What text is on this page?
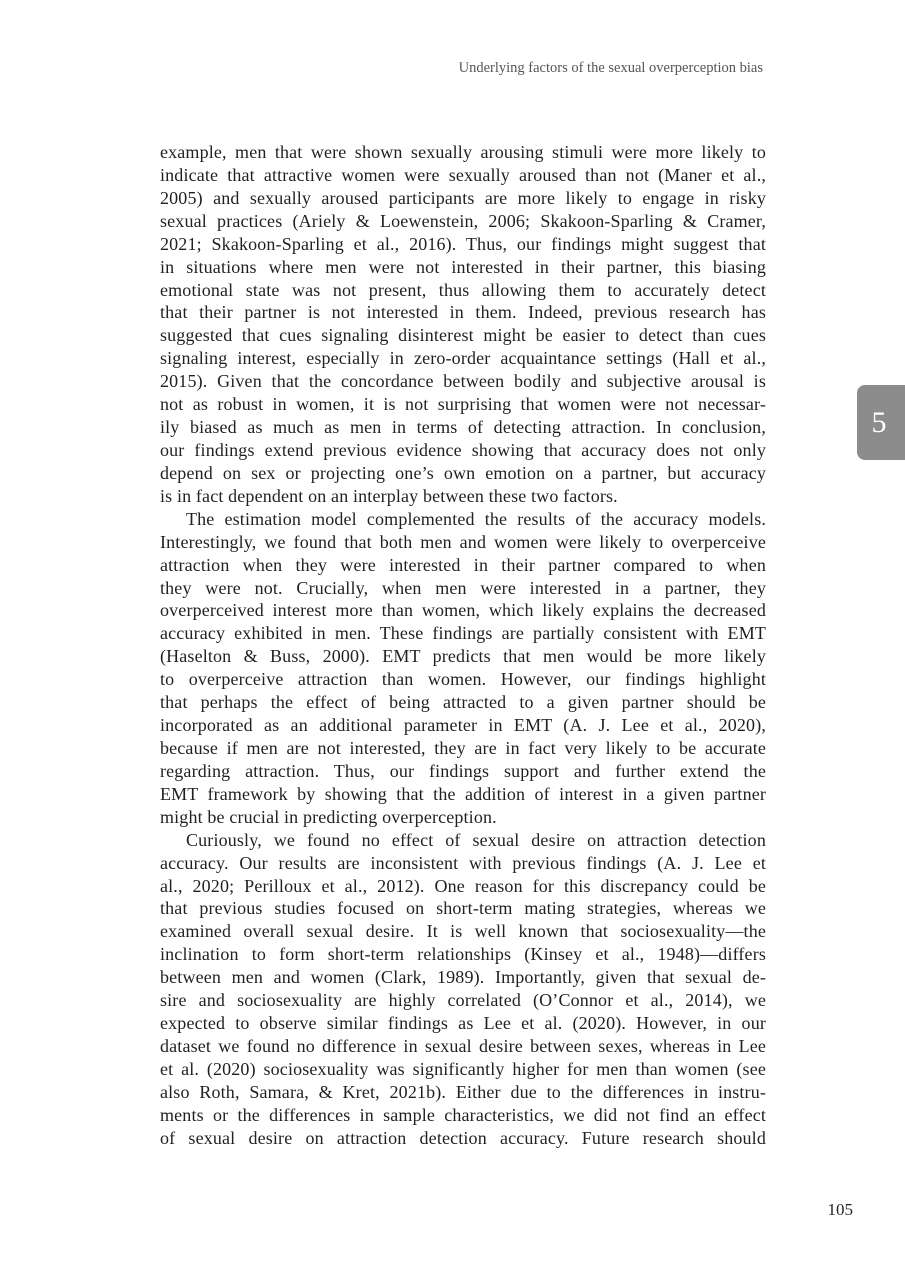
Underlying factors of the sexual overperception bias
5
example, men that were shown sexually arousing stimuli were more likely to
indicate that attractive women were sexually aroused than not (Maner et al.,
2005) and sexually aroused participants are more likely to engage in risky
sexual practices (Ariely & Loewenstein, 2006; Skakoon-Sparling & Cramer,
2021; Skakoon-Sparling et al., 2016). Thus, our findings might suggest that
in situations where men were not interested in their partner, this biasing
emotional state was not present, thus allowing them to accurately detect
that their partner is not interested in them. Indeed, previous research has
suggested that cues signaling disinterest might be easier to detect than cues
signaling interest, especially in zero-order acquaintance settings (Hall et al.,
2015). Given that the concordance between bodily and subjective arousal is
not as robust in women, it is not surprising that women were not necessar-
ily biased as much as men in terms of detecting attraction. In conclusion,
our findings extend previous evidence showing that accuracy does not only
depend on sex or projecting one’s own emotion on a partner, but accuracy
is in fact dependent on an interplay between these two factors.
The estimation model complemented the results of the accuracy models.
Interestingly, we found that both men and women were likely to overperceive
attraction when they were interested in their partner compared to when
they were not. Crucially, when men were interested in a partner, they
overperceived interest more than women, which likely explains the decreased
accuracy exhibited in men. These findings are partially consistent with EMT
(Haselton & Buss, 2000). EMT predicts that men would be more likely
to overperceive attraction than women. However, our findings highlight
that perhaps the effect of being attracted to a given partner should be
incorporated as an additional parameter in EMT (A. J. Lee et al., 2020),
because if men are not interested, they are in fact very likely to be accurate
regarding attraction. Thus, our findings support and further extend the
EMT framework by showing that the addition of interest in a given partner
might be crucial in predicting overperception.
Curiously, we found no effect of sexual desire on attraction detection
accuracy. Our results are inconsistent with previous findings (A. J. Lee et
al., 2020; Perilloux et al., 2012). One reason for this discrepancy could be
that previous studies focused on short-term mating strategies, whereas we
examined overall sexual desire. It is well known that sociosexuality—the
inclination to form short-term relationships (Kinsey et al., 1948)—differs
between men and women (Clark, 1989). Importantly, given that sexual de-
sire and sociosexuality are highly correlated (O’Connor et al., 2014), we
expected to observe similar findings as Lee et al. (2020). However, in our
dataset we found no difference in sexual desire between sexes, whereas in Lee
et al. (2020) sociosexuality was significantly higher for men than women (see
also Roth, Samara, & Kret, 2021b). Either due to the differences in instru-
ments or the differences in sample characteristics, we did not find an effect
of sexual desire on attraction detection accuracy. Future research should
105
